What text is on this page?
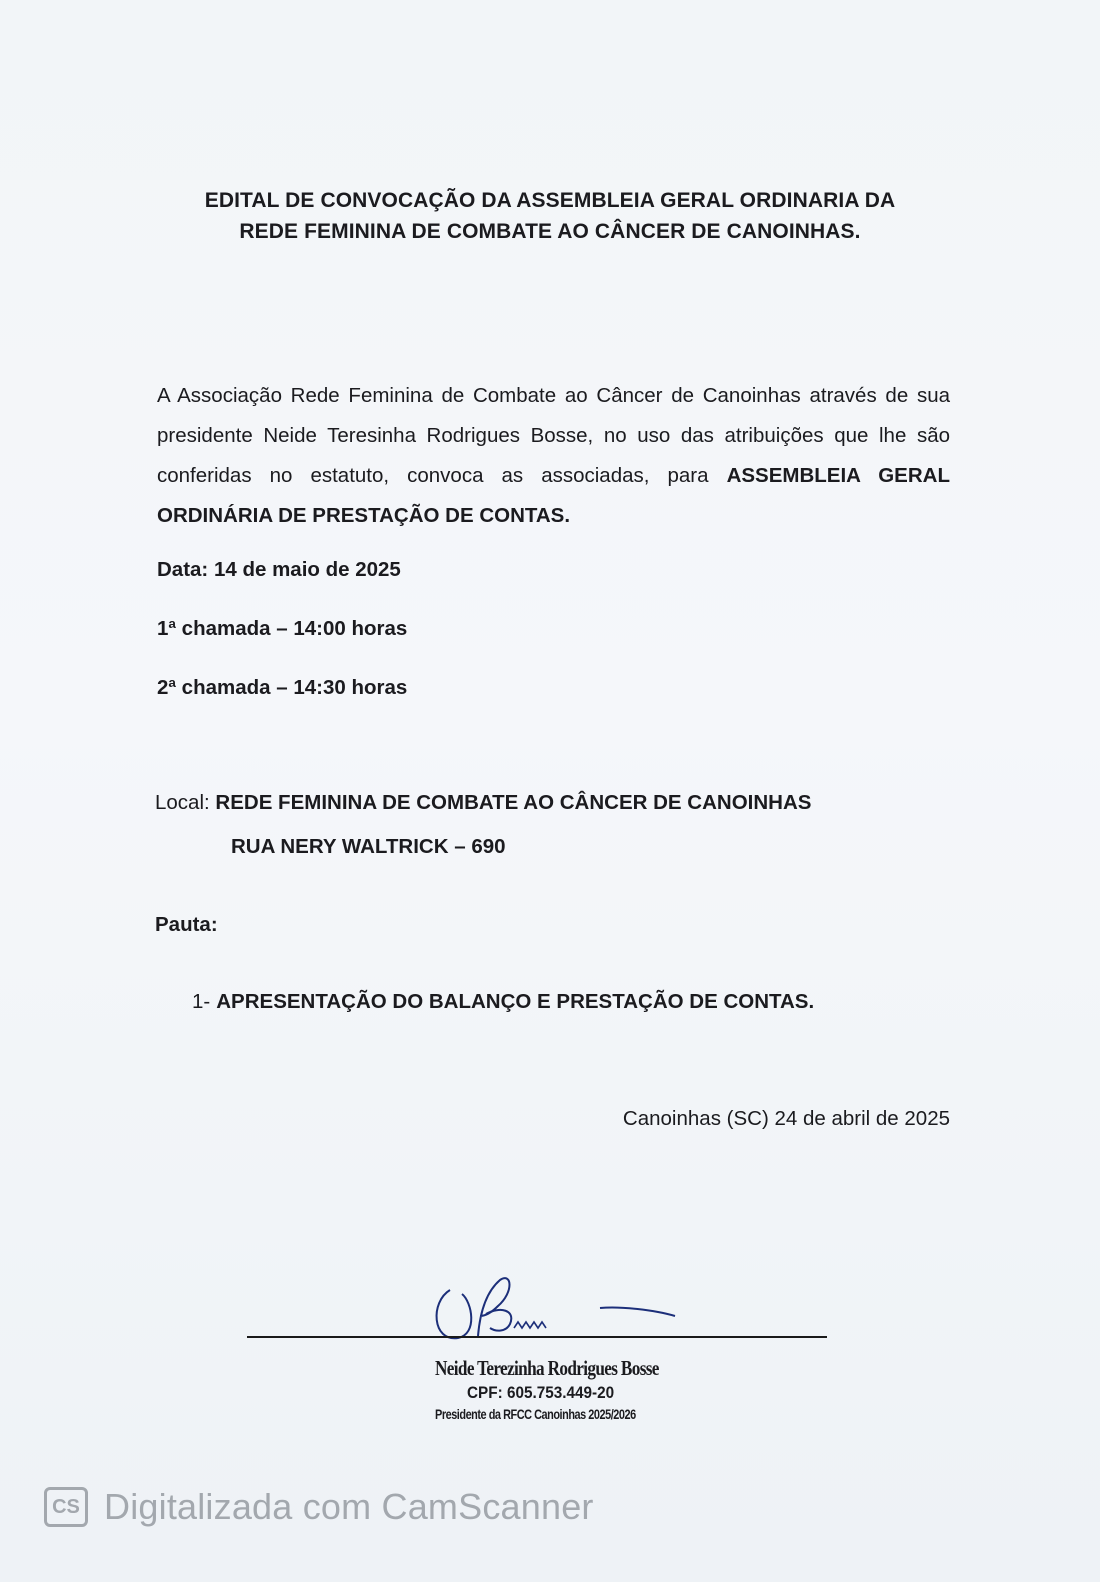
EDITAL DE CONVOCAÇÃO DA ASSEMBLEIA GERAL ORDINARIA DA
REDE FEMININA DE COMBATE AO CÂNCER DE CANOINHAS.
A Associação Rede Feminina de Combate ao Câncer de Canoinhas através de sua presidente Neide Teresinha Rodrigues Bosse, no uso das atribuições que lhe são conferidas no estatuto, convoca as associadas, para ASSEMBLEIA GERAL ORDINÁRIA DE PRESTAÇÃO DE CONTAS.
Data: 14 de maio de 2025
1ª chamada – 14:00 horas
2ª chamada – 14:30 horas
Local: REDE FEMININA DE COMBATE AO CÂNCER DE CANOINHAS
RUA NERY WALTRICK – 690
Pauta:
1- APRESENTAÇÃO DO BALANÇO E PRESTAÇÃO DE CONTAS.
Canoinhas (SC) 24 de abril de 2025
Neide Terezinha Rodrigues Bosse
CPF: 605.753.449-20
Presidente da RFCC Canoinhas 2025/2026
CS Digitalizada com CamScanner
